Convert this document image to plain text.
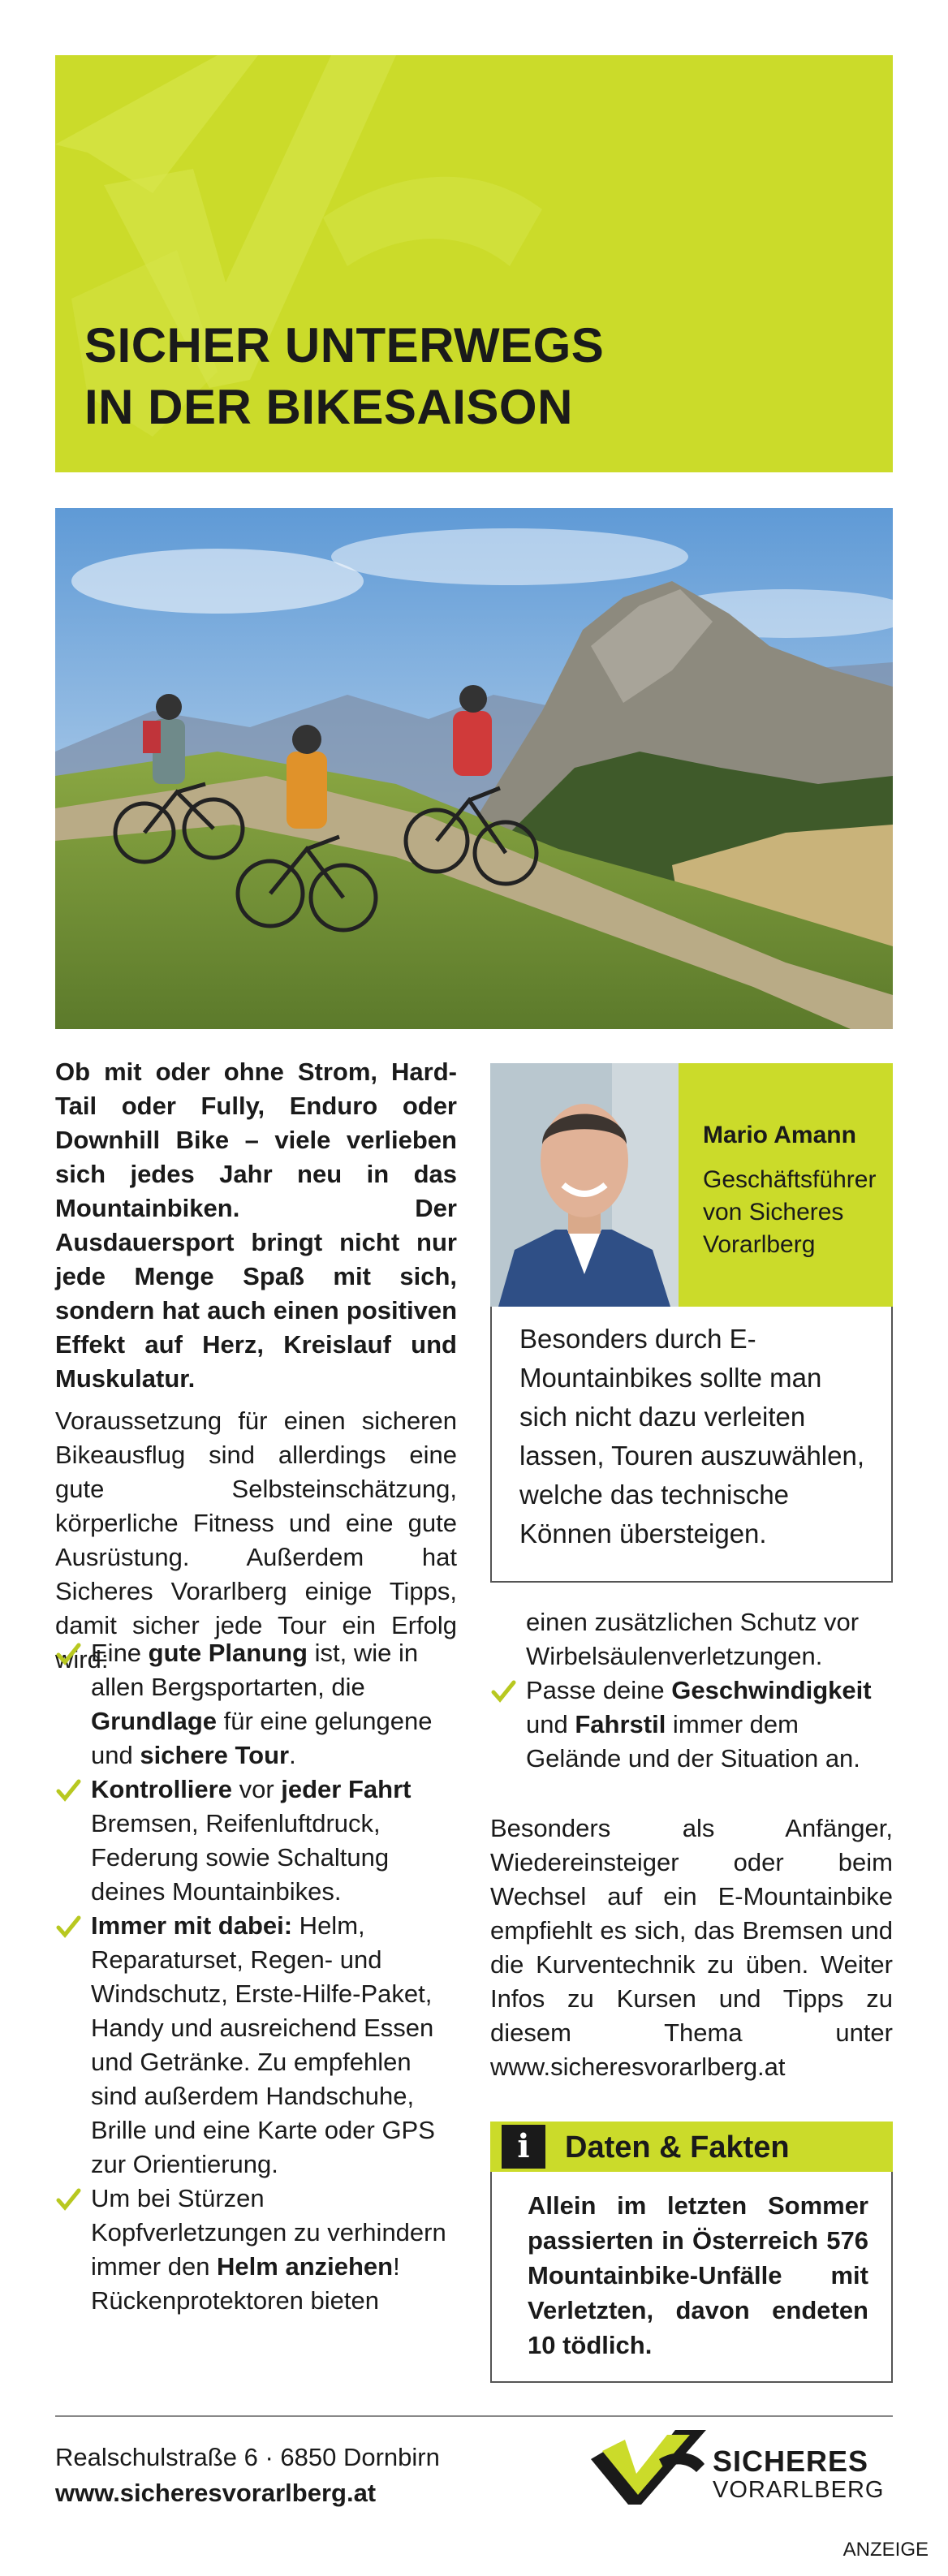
SICHER UNTERWEGS
IN DER BIKESAISON
Ob mit oder ohne Strom, Hard-Tail oder Fully, Enduro oder Downhill Bike – viele verlieben sich jedes Jahr neu in das Mountainbiken. Der Ausdauersport bringt nicht nur jede Menge Spaß mit sich, sondern hat auch einen positiven Effekt auf Herz, Kreislauf und Muskulatur.
Voraussetzung für einen sicheren Bikeausflug sind allerdings eine gute Selbsteinschätzung, körperliche Fitness und eine gute Ausrüstung. Außerdem hat Sicheres Vorarlberg einige Tipps, damit sicher jede Tour ein Erfolg wird:
Eine gute Planung ist, wie in allen Bergsportarten, die Grundlage für eine gelungene und sichere Tour.
Kontrolliere vor jeder Fahrt Bremsen, Reifenluftdruck, Federung sowie Schaltung deines Mountainbikes.
Immer mit dabei: Helm, Reparaturset, Regen- und Windschutz, Erste-Hilfe-Paket, Handy und ausreichend Essen und Getränke. Zu empfehlen sind außerdem Handschuhe, Brille und eine Karte oder GPS zur Orientierung.
Um bei Stürzen Kopfverletzungen zu verhindern immer den Helm anziehen! Rückenprotektoren bieten
Mario Amann
Geschäftsführer von Sicheres Vorarlberg
Besonders durch E-Mountainbikes sollte man sich nicht dazu verleiten lassen, Touren auszuwählen, welche das technische Können übersteigen.
einen zusätzlichen Schutz vor Wirbelsäulenverletzungen.
Passe deine Geschwindigkeit und Fahrstil immer dem Gelände und der Situation an.
Besonders als Anfänger, Wiedereinsteiger oder beim Wechsel auf ein E-Mountainbike empfiehlt es sich, das Bremsen und die Kurventechnik zu üben. Weiter Infos zu Kursen und Tipps zu diesem Thema unter www.sicheresvorarlberg.at
i	Daten & Fakten
Allein im letzten Sommer passierten in Österreich 576 Mountainbike-Unfälle mit Verletzten, davon endeten 10 tödlich.
Realschulstraße 6 · 6850 Dornbirn
www.sicheresvorarlberg.at
SICHERES
VORARLBERG
ANZEIGE
